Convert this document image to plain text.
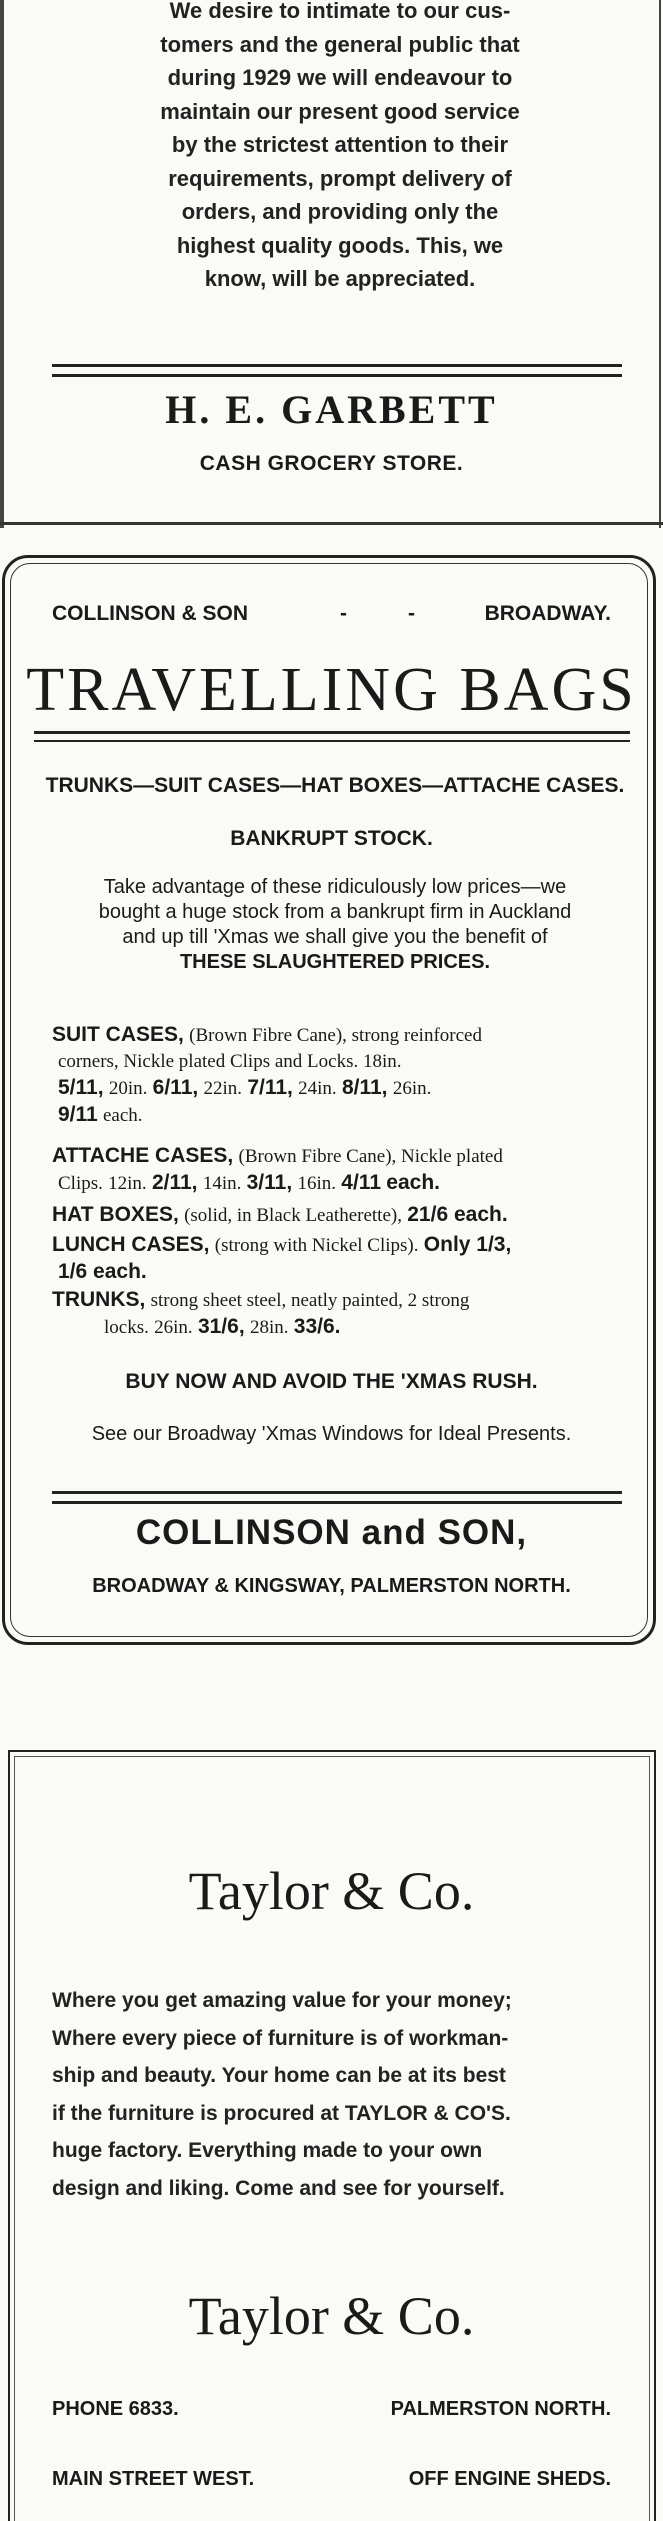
We desire to intimate to our cus-
tomers and the general public that
during 1929 we will endeavour to
maintain our present good service
by the strictest attention to their
requirements, prompt delivery of
orders, and providing only the
highest quality goods. This, we
know, will be appreciated.
H. E. GARBETT
CASH GROCERY STORE.
COLLINSON & SON	-	-	BROADWAY.
TRAVELLING BAGS
TRUNKS—SUIT CASES—HAT BOXES—ATTACHE CASES.
BANKRUPT STOCK.
Take advantage of these ridiculously low prices—we
bought a huge stock from a bankrupt firm in Auckland
and up till 'Xmas we shall give you the benefit of
THESE SLAUGHTERED PRICES.
SUIT CASES, (Brown Fibre Cane), strong reinforced
corners, Nickle plated Clips and Locks. 18in.
5/11, 20in. 6/11, 22in. 7/11, 24in. 8/11, 26in.
9/11 each.
ATTACHE CASES, (Brown Fibre Cane), Nickle plated
Clips. 12in. 2/11, 14in. 3/11, 16in. 4/11 each.
HAT BOXES, (solid, in Black Leatherette), 21/6 each.
LUNCH CASES, (strong with Nickel Clips). Only 1/3,
1/6 each.
TRUNKS, strong sheet steel, neatly painted, 2 strong
locks. 26in. 31/6, 28in. 33/6.
BUY NOW AND AVOID THE 'XMAS RUSH.
See our Broadway 'Xmas Windows for Ideal Presents.
COLLINSON and SON,
BROADWAY & KINGSWAY, PALMERSTON NORTH.
Taylor & Co.
Where you get amazing value for your money;
Where every piece of furniture is of workman-
ship and beauty. Your home can be at its best
if the furniture is procured at TAYLOR & CO'S.
huge factory. Everything made to your own
design and liking. Come and see for yourself.
Taylor & Co.
PHONE 6833.	PALMERSTON NORTH.
MAIN STREET WEST.	OFF ENGINE SHEDS.
